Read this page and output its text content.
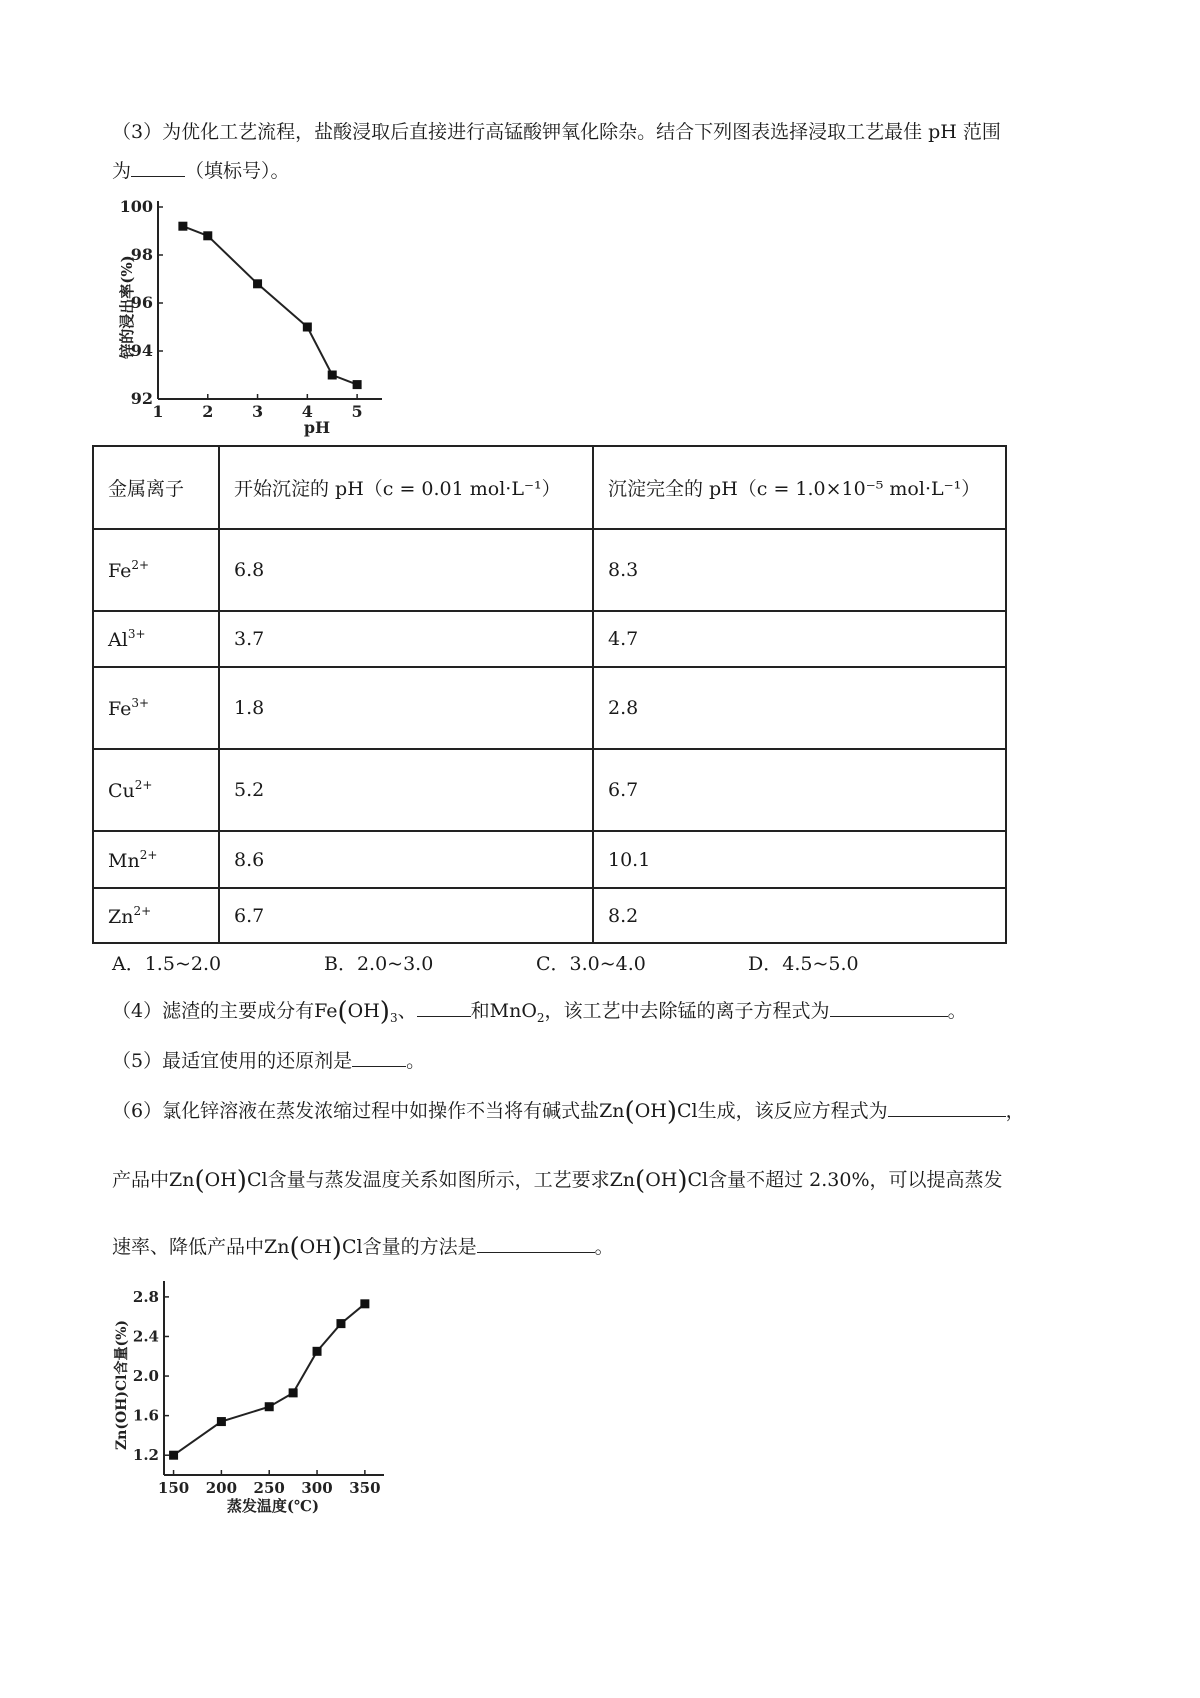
（3）为优化工艺流程，盐酸浸取后直接进行高锰酸钾氧化除杂。结合下列图表选择浸取工艺最佳 pH 范围
为	（填标号）。
92
94
96
98
100
1 2 3 4 5
锌的浸出率(%)
pH
金属离子	开始沉淀的 pH（c = 0.01 mol·L⁻¹）	沉淀完全的 pH（c = 1.0×10⁻⁵ mol·L⁻¹）
$Fe^{2+}$	6.8	8.3
$Al^{3+}$	3.7	4.7
$Fe^{3+}$	1.8	2.8
$Cu^{2+}$	5.2	6.7
$Mn^{2+}$	8.6	10.1
$Zn^{2+}$	6.7	8.2
A．1.5~2.0	B．2.0~3.0	C．3.0~4.0	D．4.5~5.0
（4）滤渣的主要成分有$Fe(OH)_3$、	和MnO$_2$，该工艺中去除锰的离子方程式为	。
（5）最适宜使用的还原剂是	。
（6）氯化锌溶液在蒸发浓缩过程中如操作不当将有碱式盐Zn(OH)Cl生成，该反应方程式为	，
产品中Zn(OH)Cl含量与蒸发温度关系如图所示，工艺要求Zn(OH)Cl含量不超过 2.30%，可以提高蒸发
速率、降低产品中Zn(OH)Cl含量的方法是	。
1.2
1.6
2.0
2.4
2.8
150 200 250 300 350
Zn(OH)Cl含量(%)
蒸发温度(℃)
